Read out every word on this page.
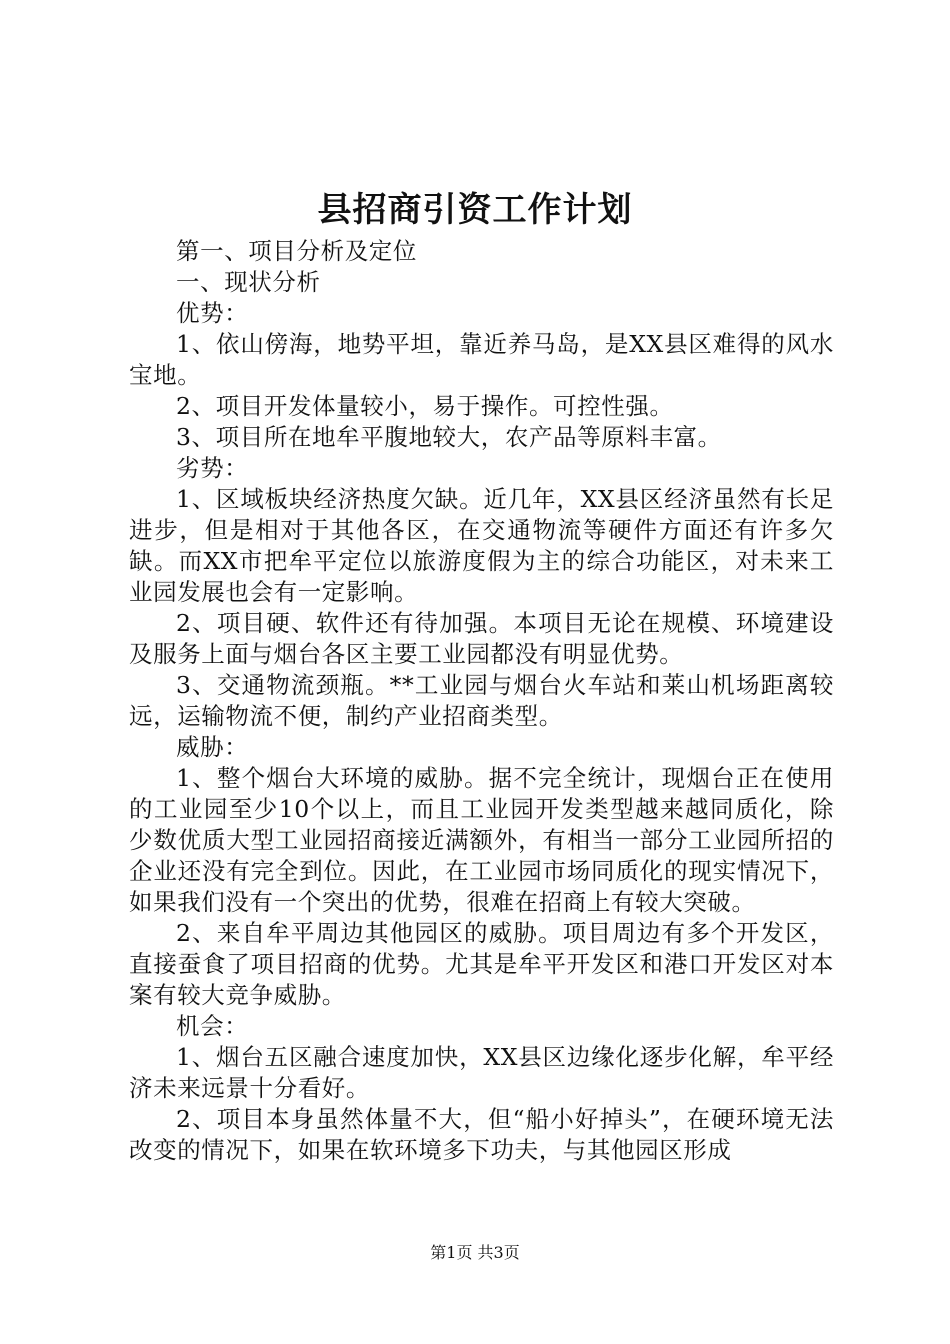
县招商引资工作计划

第一、项目分析及定位

一、现状分析

优势：

1、依山傍海，地势平坦，靠近养马岛，是XX县区难得的风水宝地。

2、项目开发体量较小，易于操作。可控性强。

3、项目所在地牟平腹地较大，农产品等原料丰富。

劣势：

1、区域板块经济热度欠缺。近几年，XX县区经济虽然有长足进步，但是相对于其他各区，在交通物流等硬件方面还有许多欠缺。而XX市把牟平定位以旅游度假为主的综合功能区，对未来工业园发展也会有一定影响。

2、项目硬、软件还有待加强。本项目无论在规模、环境建设及服务上面与烟台各区主要工业园都没有明显优势。

3、交通物流颈瓶。**工业园与烟台火车站和莱山机场距离较远，运输物流不便，制约产业招商类型。

威胁：

1、整个烟台大环境的威胁。据不完全统计，现烟台正在使用的工业园至少10个以上，而且工业园开发类型越来越同质化，除少数优质大型工业园招商接近满额外，有相当一部分工业园所招的企业还没有完全到位。因此，在工业园市场同质化的现实情况下，如果我们没有一个突出的优势，很难在招商上有较大突破。

2、来自牟平周边其他园区的威胁。项目周边有多个开发区，直接蚕食了项目招商的优势。尤其是牟平开发区和港口开发区对本案有较大竞争威胁。

机会：

1、烟台五区融合速度加快，XX县区边缘化逐步化解，牟平经济未来远景十分看好。

2、项目本身虽然体量不大，但“船小好掉头”，在硬环境无法改变的情况下，如果在软环境多下功夫，与其他园区形成

第1页 共3页
